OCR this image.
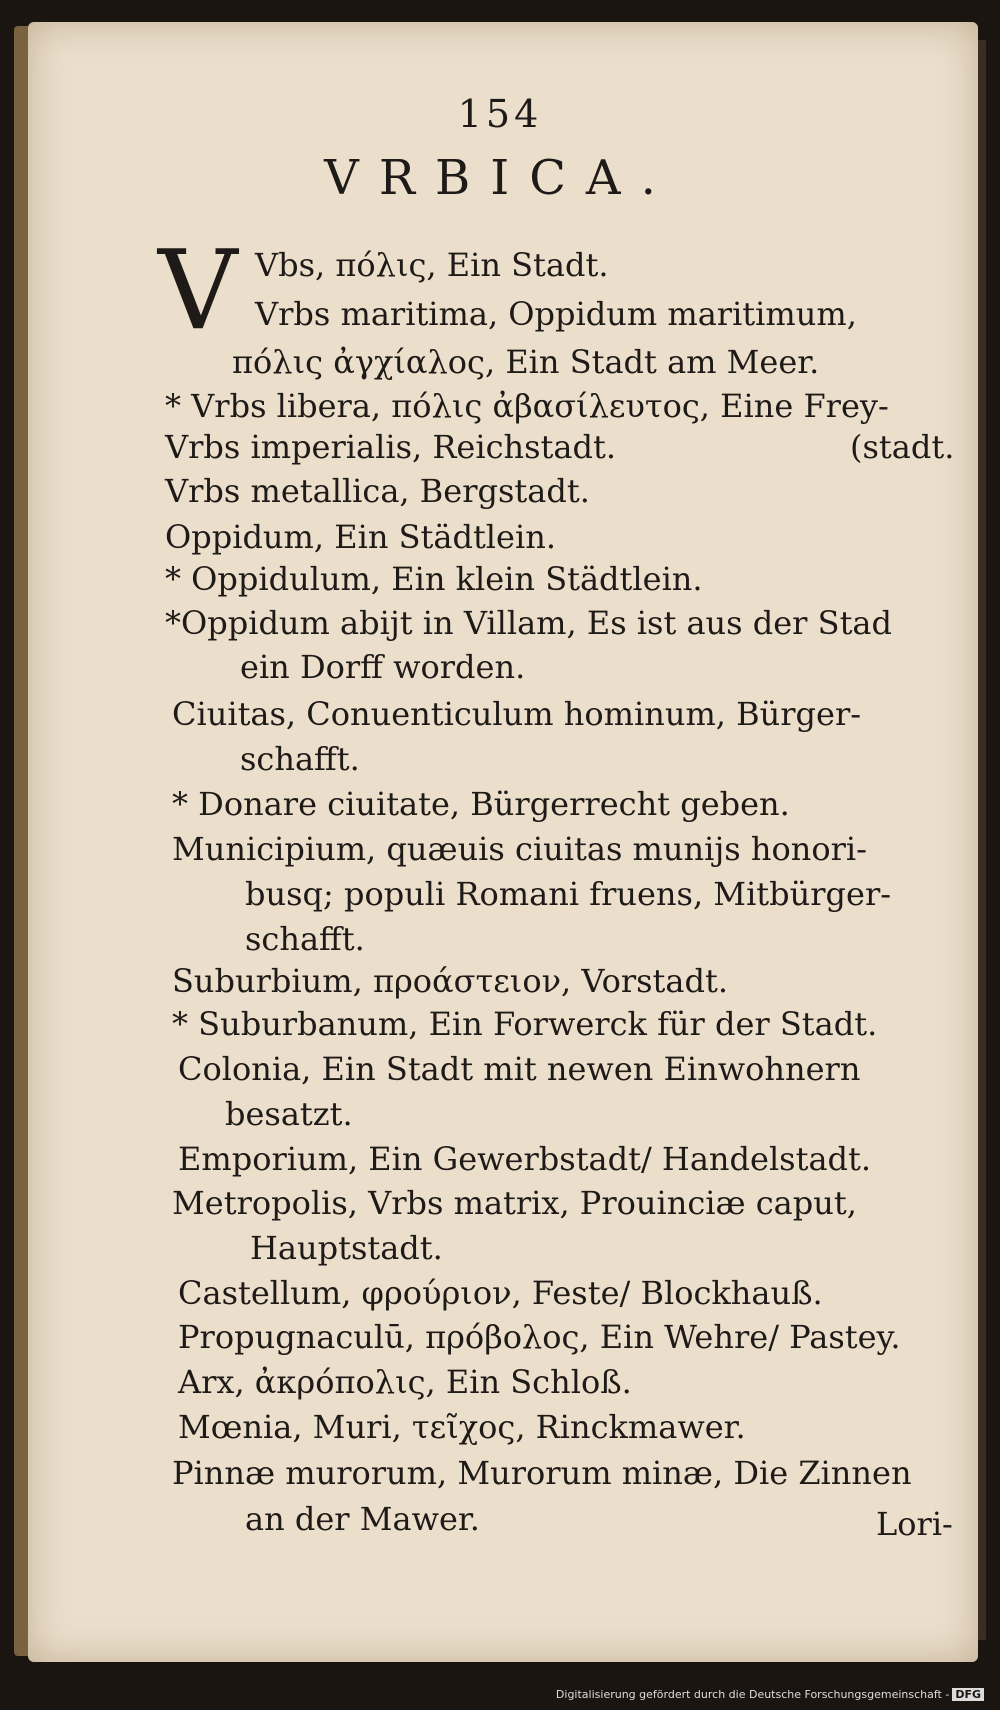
154
VRBICA.
V Vbs, πόλις, Ein Stadt.
Vrbs maritima, Oppidum maritimum,
πόλις ἀγχίαλος, Ein Stadt am Meer.
* Vrbs libera, πόλις ἀβασίλευτος, Eine Frey-
Vrbs imperialis, Reichstadt.	(stadt.
Vrbs metallica, Bergstadt.
Oppidum, Ein Städtlein.
* Oppidulum, Ein klein Städtlein.
*Oppidum abijt in Villam, Es ist aus der Stad
ein Dorff worden.
Ciuitas, Conuenticulum hominum, Bürger-
schafft.
* Donare ciuitate, Bürgerrecht geben.
Municipium, quæuis ciuitas munijs honori-
busq; populi Romani fruens, Mitbürger-
schafft.
Suburbium, προάστειον, Vorstadt.
* Suburbanum, Ein Forwerck für der Stadt.
Colonia, Ein Stadt mit newen Einwohnern
besatzt.
Emporium, Ein Gewerbstadt/ Handelstadt.
Metropolis, Vrbs matrix, Prouinciæ caput,
Hauptstadt.
Castellum, φρούριον, Feste/ Blockhauß.
Propugnaculū, πρόβολος, Ein Wehre/ Pastey.
Arx, ἀκρόπολις, Ein Schloß.
Mœnia, Muri, τεῖχος, Rinckmawer.
Pinnæ murorum, Murorum minæ, Die Zinnen
an der Mawer.	Lori-
Digitalisierung gefördert durch die Deutsche Forschungsgemeinschaft - DFG
